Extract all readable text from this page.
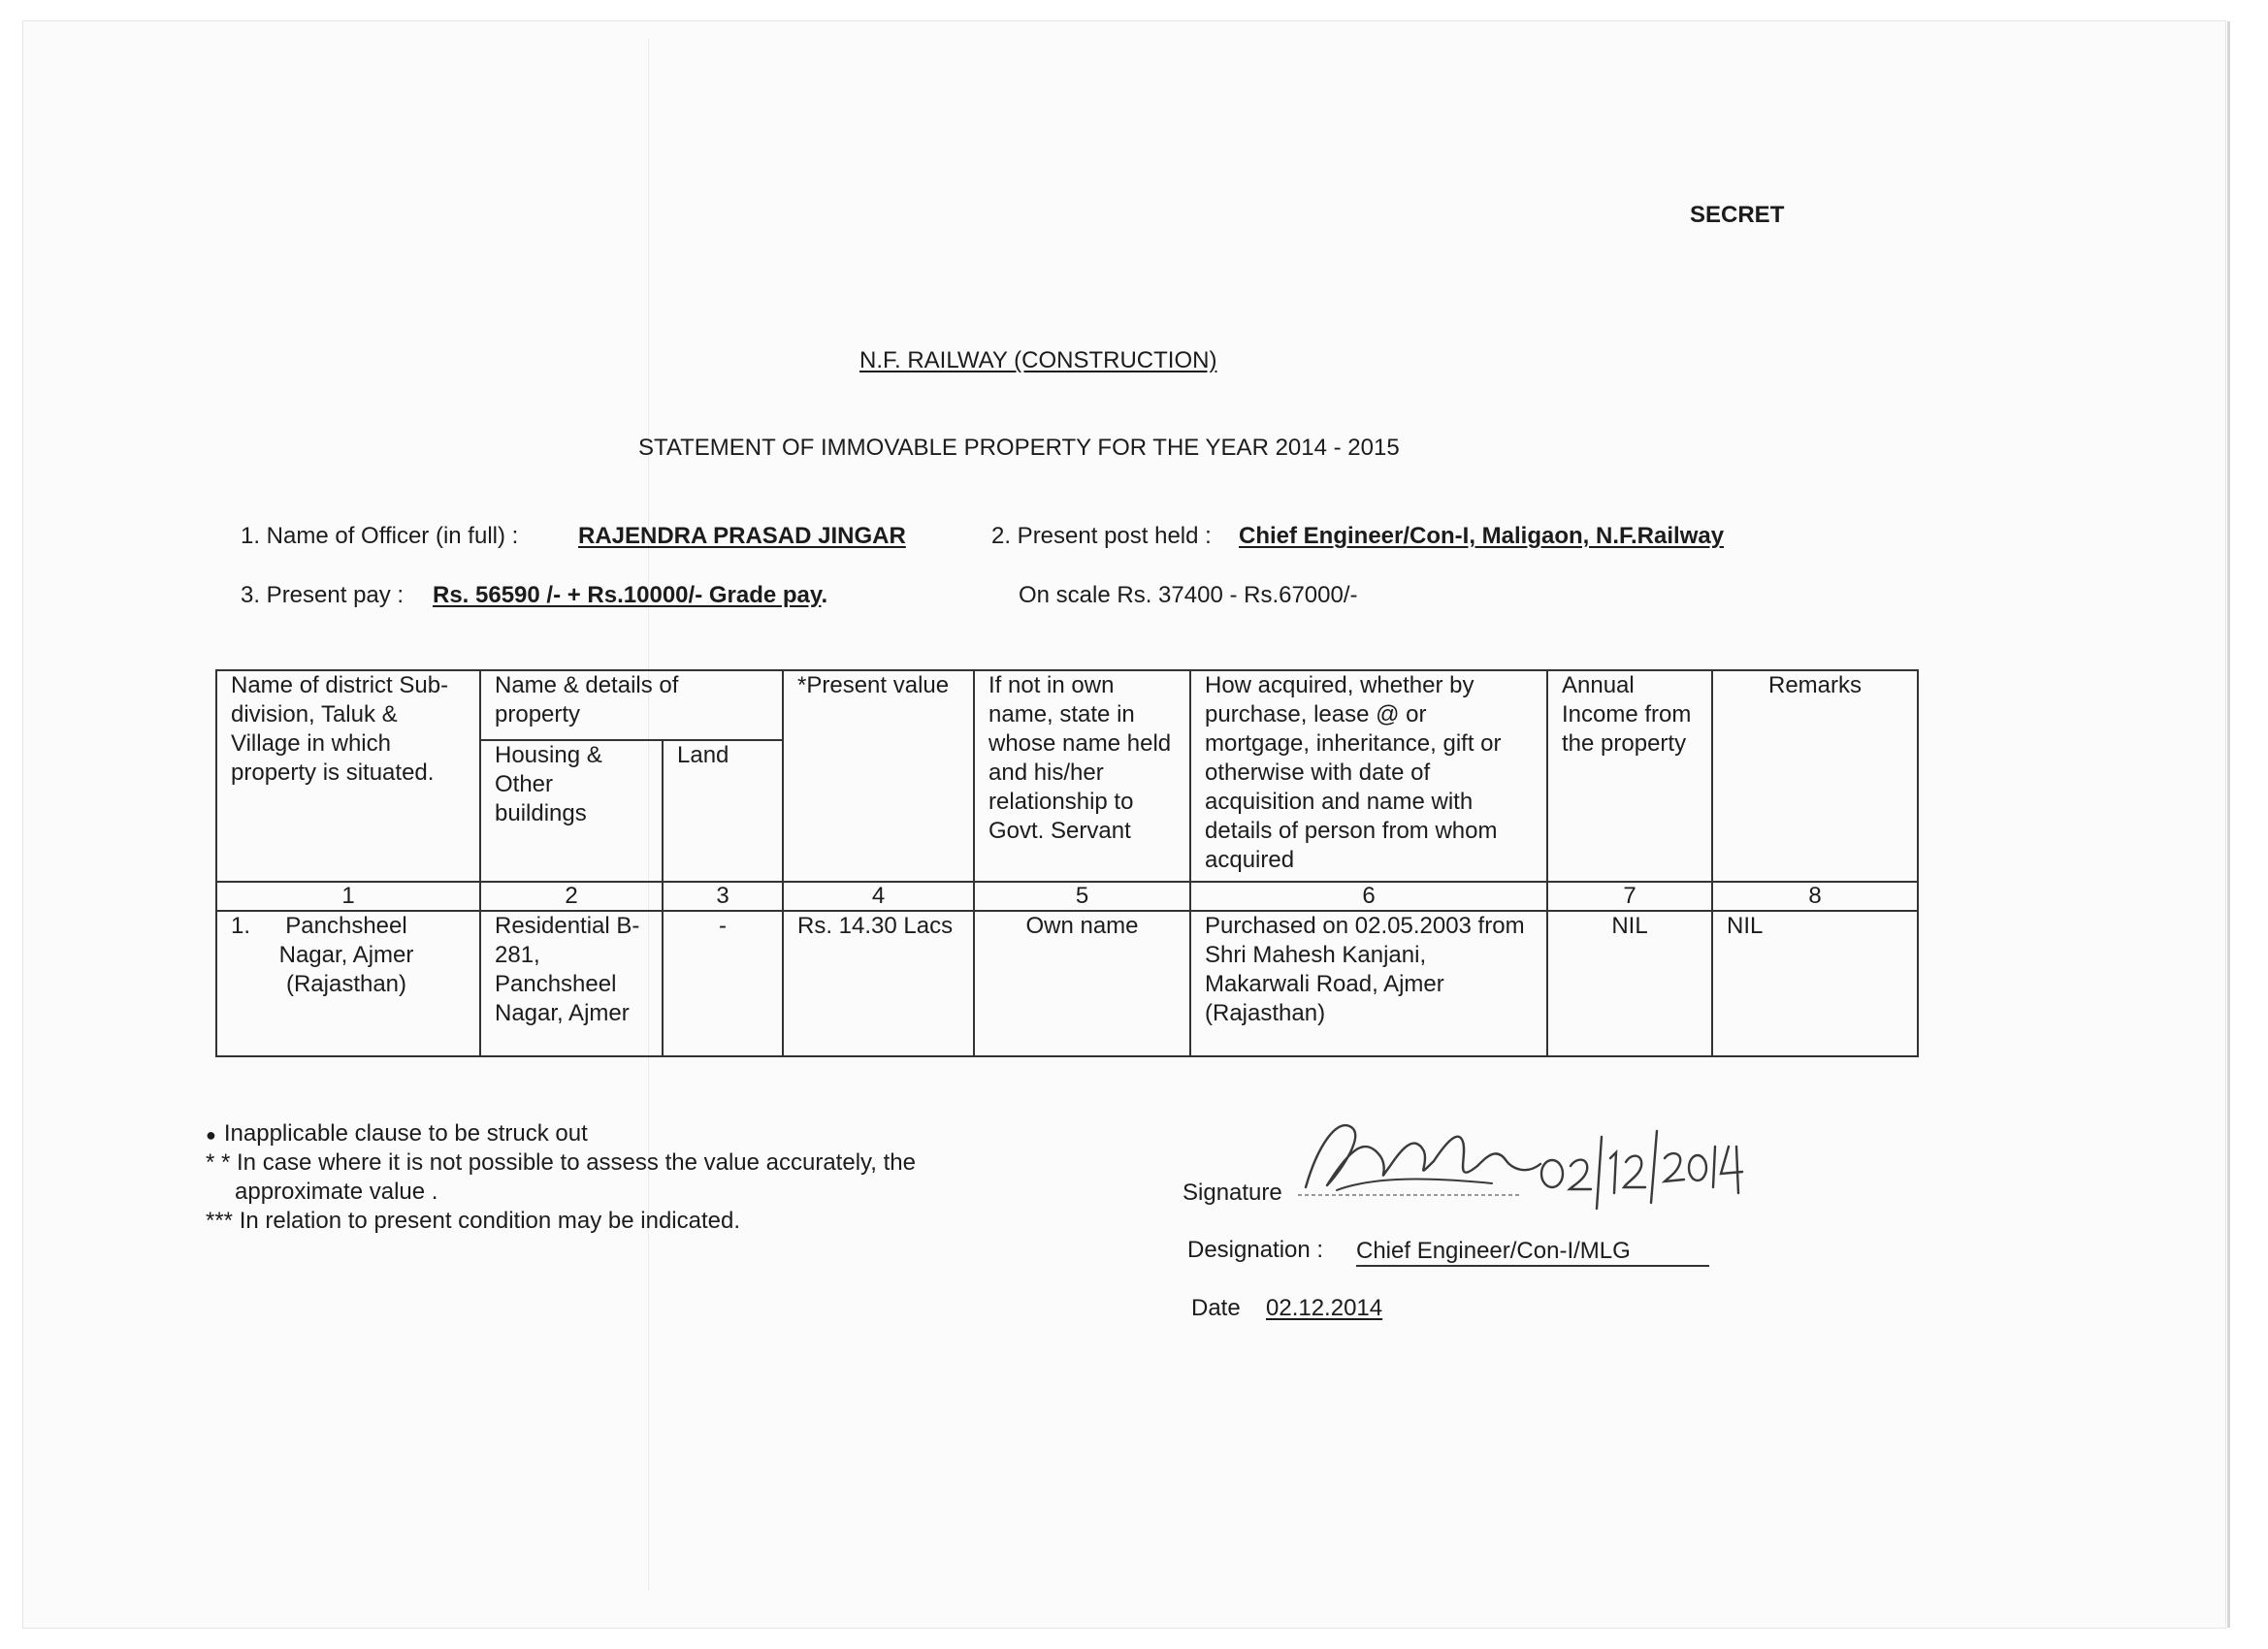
SECRET
N.F. RAILWAY (CONSTRUCTION)
STATEMENT OF IMMOVABLE PROPERTY FOR THE YEAR 2014 - 2015
1. Name of Officer (in full) :	RAJENDRA PRASAD JINGAR	2. Present post held : Chief Engineer/Con-I, Maligaon, N.F.Railway
3. Present pay : Rs. 56590 /- + Rs.10000/- Grade pay.	On scale Rs. 37400 - Rs.67000/-
Name of district Sub-division, Taluk & Village in which property is situated.	Name & details of property		*Present value	If not in own name, state in whose name held and his/her relationship to Govt. Servant	How acquired, whether by purchase, lease @ or mortgage, inheritance, gift or otherwise with date of acquisition and name with details of person from whom acquired	Annual Income from the property	Remarks
	Housing & Other buildings	Land					
1	2	3	4	5	6	7	8

1. Panchsheel Nagar, Ajmer (Rajasthan)	Residential B-281, Panchsheel Nagar, Ajmer	-	Rs. 14.30 Lacs	Own name	Purchased on 02.05.2003 from Shri Mahesh Kanjani, Makarwali Road, Ajmer (Rajasthan)	NIL	NIL
● Inapplicable clause to be struck out
* * In case where it is not possible to assess the value accurately, the
approximate value .
*** In relation to present condition may be indicated.
Signature
02/12/2014
Designation : Chief Engineer/Con-I/MLG
Date 02.12.2014
